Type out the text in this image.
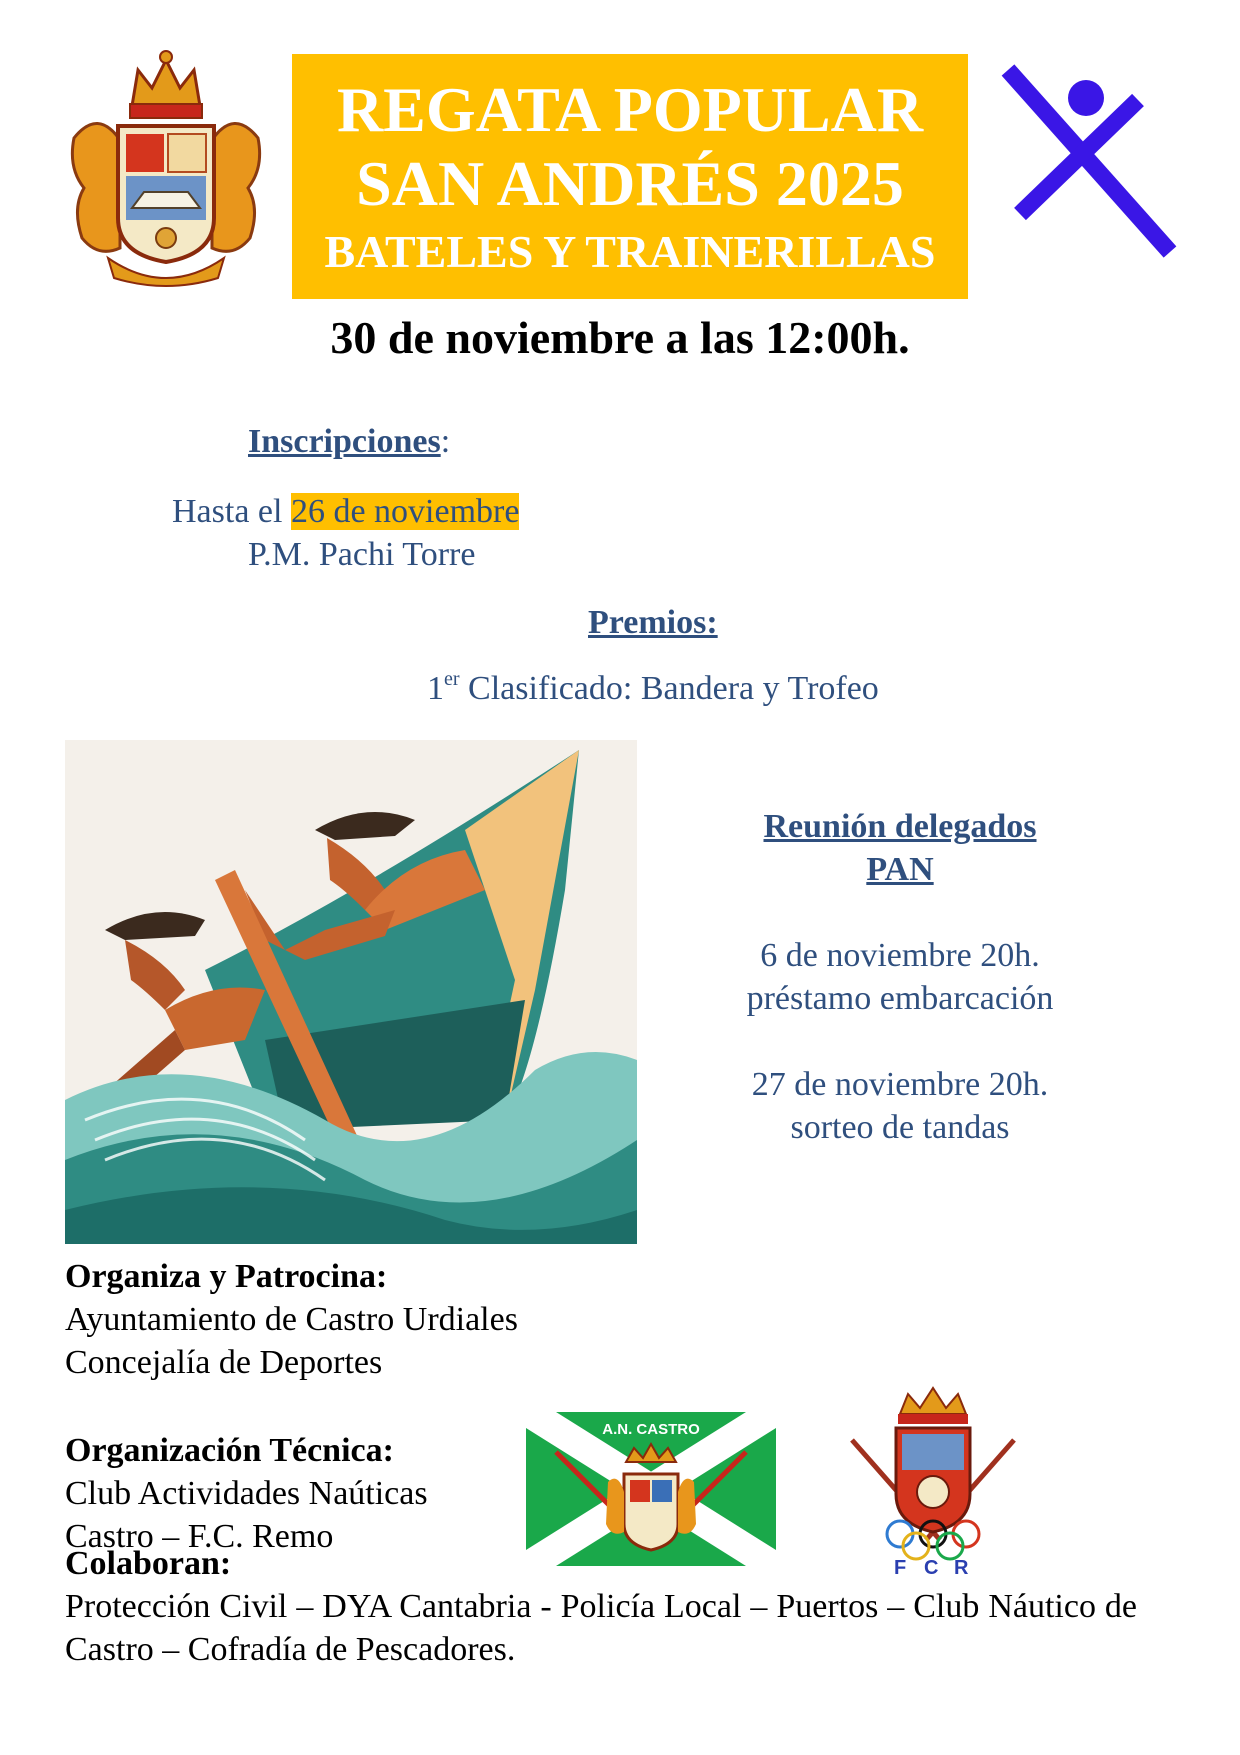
REGATA POPULAR
SAN ANDRÉS 2025
BATELES Y TRAINERILLAS
30 de noviembre a las 12:00h.
Inscripciones:
Hasta el 26 de noviembre
P.M. Pachi Torre
Premios:
1er Clasificado: Bandera y Trofeo
Reunión delegados
PAN
6 de noviembre 20h.
préstamo embarcación
27 de noviembre 20h.
sorteo de tandas
Organiza y Patrocina:
Ayuntamiento de Castro Urdiales
Concejalía de Deportes
Organización Técnica:
Club Actividades Naúticas
Castro – F.C. Remo
A.N. CASTRO
F C R
Colaboran:
Protección Civil – DYA Cantabria - Policía Local – Puertos – Club Náutico de Castro – Cofradía de Pescadores.
